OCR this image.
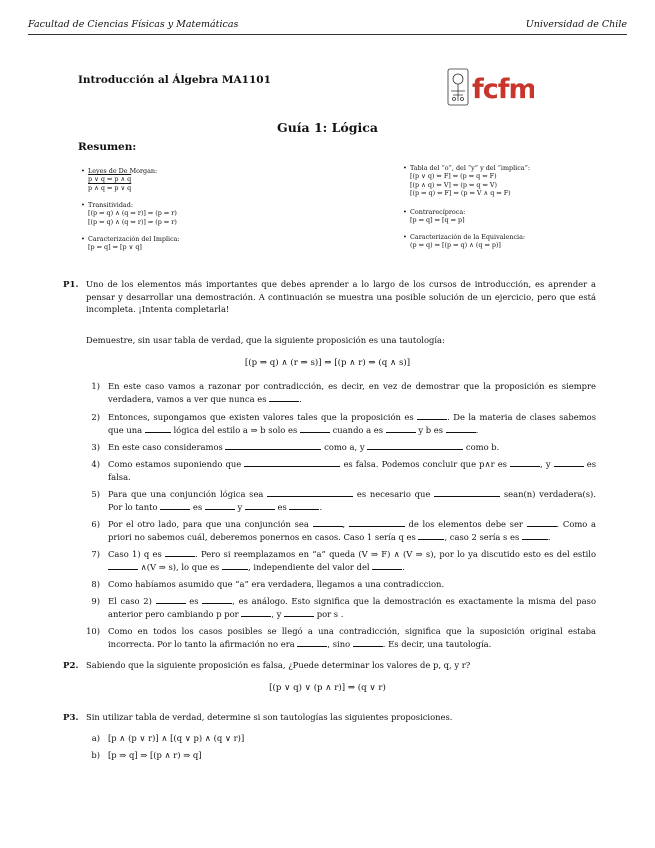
Facultad de Ciencias Físicas y Matemáticas	Universidad de Chile
Introducción al Álgebra MA1101	fcfm
Guía 1: Lógica
Resumen:
• Leyes de De Morgan:
p ∨ q ⇔ p ∧ q
p ∧ q ⇔ p ∨ q
• Transitividad:
[(p ⇒ q) ∧ (q ⇒ r)] ⇒ (p ⇒ r)
[(p ⇔ q) ∧ (q ⇔ r)] ⇒ (p ⇔ r)
• Caracterización del Implica:
[p ⇒ q] ⇔ [p ∨ q]
• Tabla del “o”, del “y” y del “implica”:
[(p ∨ q) ⇔ F] ⇔ (p ⇔ q ⇔ F)
[(p ∧ q) ⇔ V] ⇔ (p ⇔ q ⇔ V)
[(p ⇒ q) ⇔ F] ⇔ (p ⇔ V ∧ q ⇔ F)
• Contrarecíproca:
[p ⇒ q] ⇔ [q ⇒ p]
• Caracterización de la Equivalencia:
(p ⇔ q) ⇔ [(p ⇒ q) ∧ (q ⇒ p)]
P1. Uno de los elementos más importantes que debes aprender a lo largo de los cursos de introducción, es aprender a pensar y desarrollar una demostración. A continuación se muestra una posible solución de un ejercicio, pero que está incompleta. ¡Intenta completarla!
Demuestre, sin usar tabla de verdad, que la siguiente proposición es una tautología:
[(p ⇒ q) ∧ (r ⇒ s)] ⇒ [(p ∧ r) ⇒ (q ∧ s)]
1) En este caso vamos a razonar por contradicción, es decir, en vez de demostrar que la proposición es siempre verdadera, vamos a ver que nunca es	.
2) Entonces, supongamos que existen valores tales que la proposición es	. De la materia de clases sabemos que una	lógica del estilo a ⇒ b solo es	cuando a es	y b es	.
3) En este caso consideramos	como a, y	como b.
4) Como estamos suponiendo que	es falsa. Podemos concluir que p∧r es	, y	es falsa.
5) Para que una conjunción lógica sea	es necesario que	sean(n) verdadera(s). Por lo tanto	es	y	es	.
6) Por el otro lado, para que una conjunción sea	,	de los elementos debe ser	. Como a priori no sabemos cuál, deberemos ponernos en casos. Caso 1 sería q es	, caso 2 sería s es	.
7) Caso 1) q es	. Pero si reemplazamos en “a” queda (V ⇒ F) ∧ (V ⇒ s), por lo ya discutido esto es del estilo  ∧(V ⇒ s), lo que es	, independiente del valor del	.
8) Como habíamos asumido que ”a” era verdadera, llegamos a una contradiccion.
9) El caso 2)	es	, es análogo. Esto significa que la demostración es exactamente la misma del paso anterior pero cambiando p por	, y	por s .
10) Como en todos los casos posibles se llegó a una contradicción, significa que la suposición original estaba incorrecta. Por lo tanto la afirmación no era	, sino	. Es decir, una tautología.
P2. Sabiendo que la siguiente proposición es falsa, ¿Puede determinar los valores de p, q, y r?
[(p ∨ q) ∨ (p ∧ r)] ⇒ (q ∨ r)
P3. Sin utilizar tabla de verdad, determine si son tautologías las siguientes proposiciones.
a) [p ∧ (p ∨ r)] ∧ [(q ∨ p) ∧ (q ∨ r)]
b) [p ⇒ q] ⇒ [(p ∧ r) ⇒ q]
